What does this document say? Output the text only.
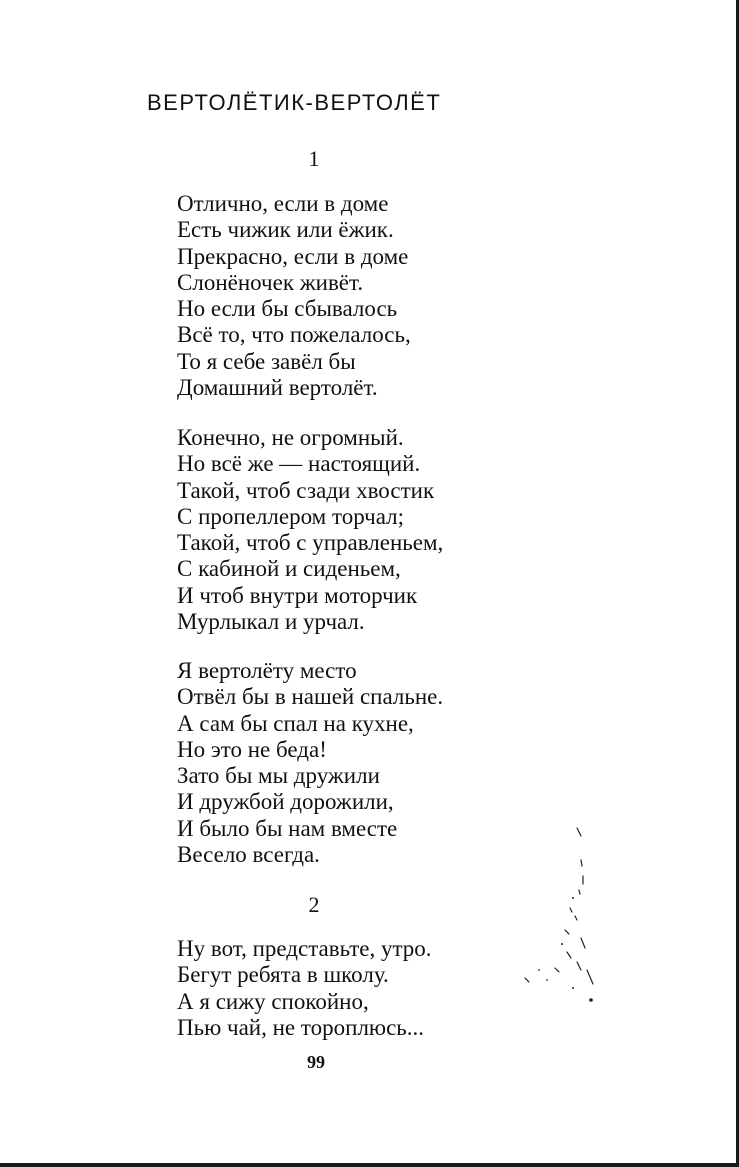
ВЕРТОЛЁТИК-ВЕРТОЛЁТ
1
Отлично, если в доме
Есть чижик или ёжик.
Прекрасно, если в доме
Слонёночек живёт.
Но если бы сбывалось
Всё то, что пожелалось,
То я себе завёл бы
Домашний вертолёт.
Конечно, не огромный.
Но всё же — настоящий.
Такой, чтоб сзади хвостик
С пропеллером торчал;
Такой, чтоб с управленьем,
С кабиной и сиденьем,
И чтоб внутри моторчик
Мурлыкал и урчал.
Я вертолёту место
Отвёл бы в нашей спальне.
А сам бы спал на кухне,
Но это не беда!
Зато бы мы дружили
И дружбой дорожили,
И было бы нам вместе
Весело всегда.
2
Ну вот, представьте, утро.
Бегут ребята в школу.
А я сижу спокойно,
Пью чай, не тороплюсь...
99
